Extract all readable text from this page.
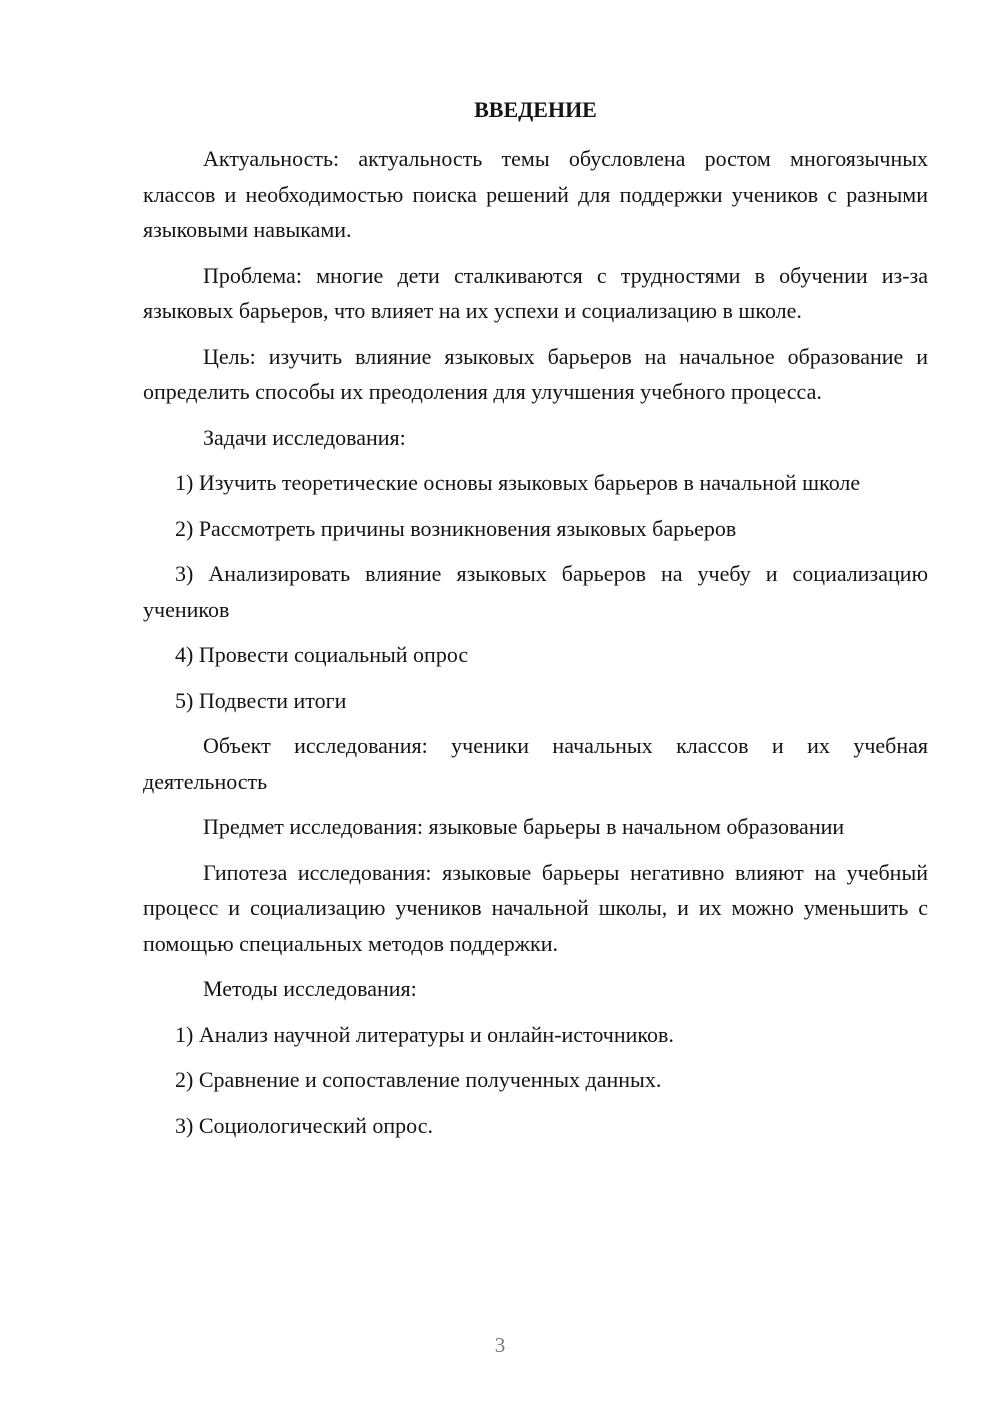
ВВЕДЕНИЕ

Актуальность: актуальность темы обусловлена ростом многоязычных классов и необходимостью поиска решений для поддержки учеников с разными языковыми навыками.

Проблема: многие дети сталкиваются с трудностями в обучении из-за языковых барьеров, что влияет на их успехи и социализацию в школе.

Цель: изучить влияние языковых барьеров на начальное образование и определить способы их преодоления для улучшения учебного процесса.

Задачи исследования:

1) Изучить теоретические основы языковых барьеров в начальной школе

2) Рассмотреть причины возникновения языковых барьеров

3) Анализировать влияние языковых барьеров на учебу и социализацию учеников

4) Провести социальный опрос

5) Подвести итоги

Объект исследования: ученики начальных классов и их учебная деятельность

Предмет исследования: языковые барьеры в начальном образовании

Гипотеза исследования: языковые барьеры негативно влияют на учебный процесс и социализацию учеников начальной школы, и их можно уменьшить с помощью специальных методов поддержки.

Методы исследования:

1) Анализ научной литературы и онлайн-источников.

2) Сравнение и сопоставление полученных данных.

3) Социологический опрос.

3
